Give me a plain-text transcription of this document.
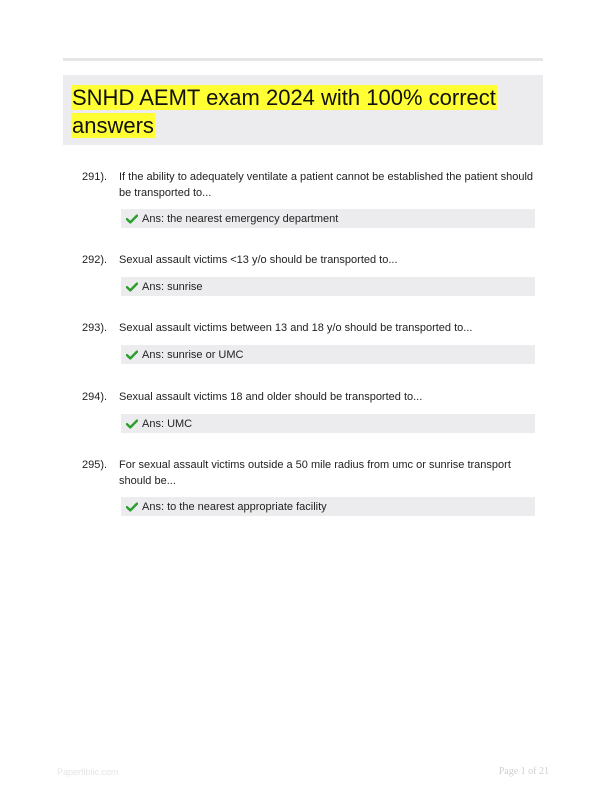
SNHD AEMT exam 2024 with 100% correct answers
291). If the ability to adequately ventilate a patient cannot be established the patient should be transported to...
Ans: the nearest emergency department
292). Sexual assault victims <13 y/o should be transported to...
Ans: sunrise
293). Sexual assault victims between 13 and 18 y/o should be transported to...
Ans: sunrise or UMC
294). Sexual assault victims 18 and older should be transported to...
Ans: UMC
295). For sexual assault victims outside a 50 mile radius from umc or sunrise transport should be...
Ans: to the nearest appropriate facility
Paperfiblic.com	Page 1 of 21
